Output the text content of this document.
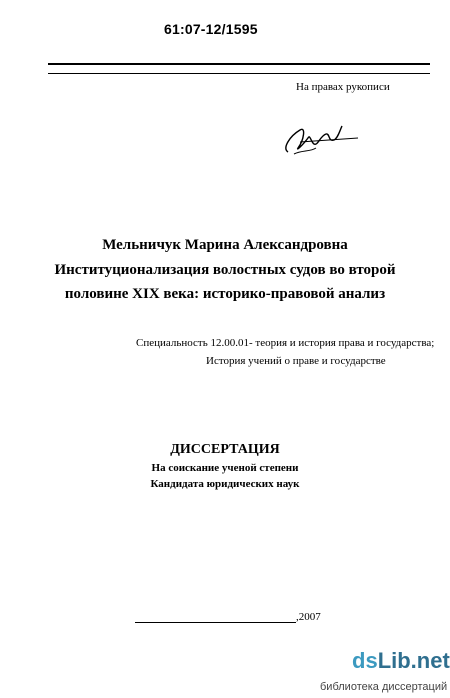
61:07-12/1595
На правах рукописи
Мельничук Марина Александровна
Институционализация волостных судов во второй
половине XIX века: историко-правовой анализ
Специальность 12.00.01- теория и история права и государства;
История учений о праве и государстве
ДИССЕРТАЦИЯ
На соискание ученой степени
Кандидата юридических наук
,2007
dsLib.net
библиотека диссертаций
